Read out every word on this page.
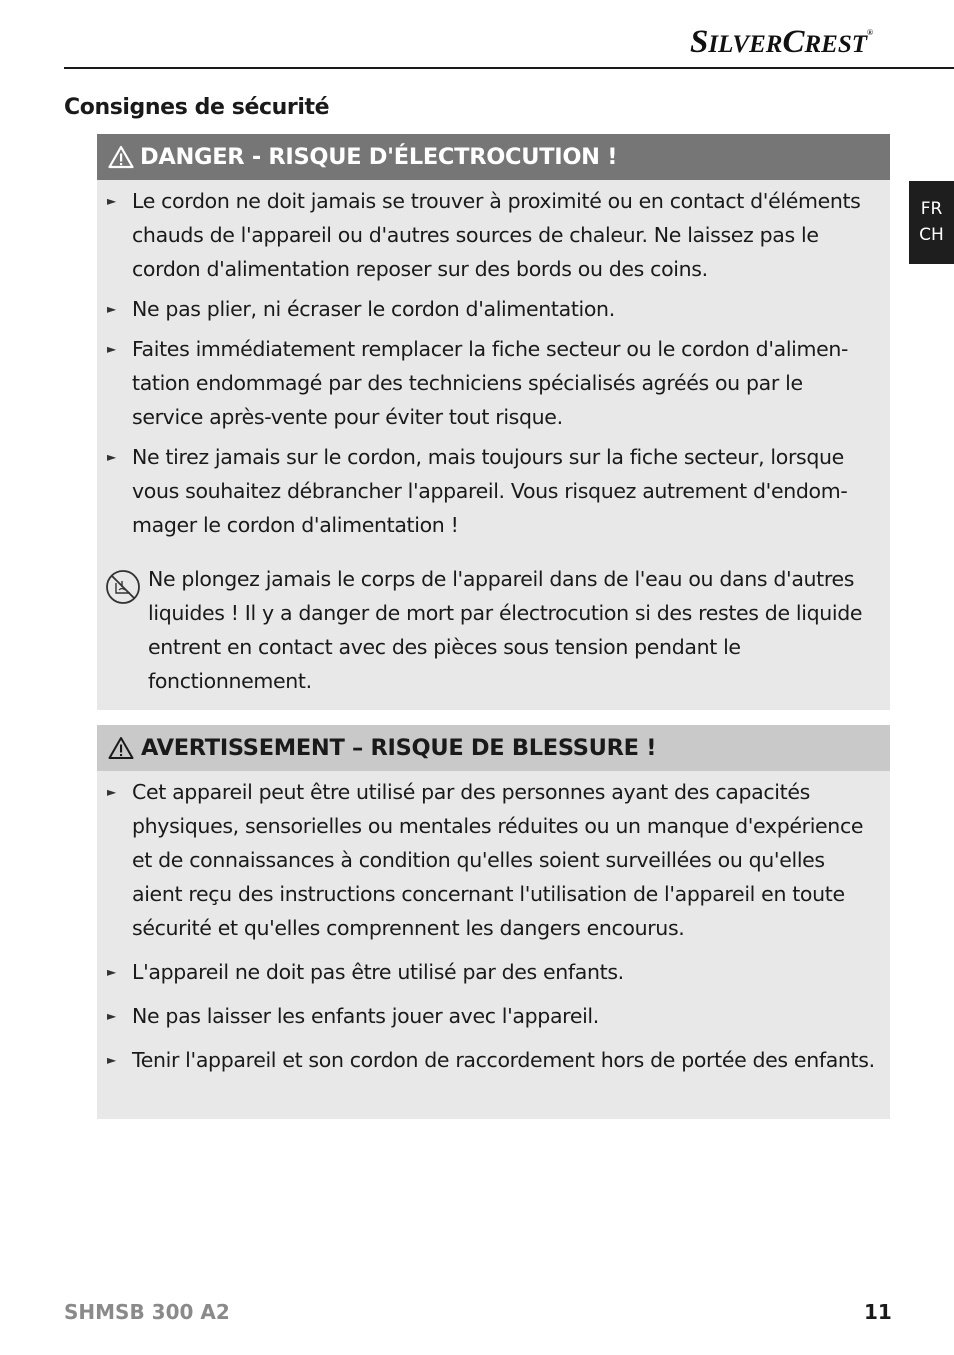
SILVERCREST®
FR
CH
Consignes de sécurité
DANGER - RISQUE D'ÉLECTROCUTION !
► Le cordon ne doit jamais se trouver à proximité ou en contact d'éléments chauds de l'appareil ou d'autres sources de chaleur. Ne laissez pas le cordon d'alimentation reposer sur des bords ou des coins.
► Ne pas plier, ni écraser le cordon d'alimentation.
► Faites immédiatement remplacer la fiche secteur ou le cordon d'alimen-tation endommagé par des techniciens spécialisés agréés ou par le service après-vente pour éviter tout risque.
► Ne tirez jamais sur le cordon, mais toujours sur la fiche secteur, lorsque vous souhaitez débrancher l'appareil. Vous risquez autrement d'endom-mager le cordon d'alimentation !
Ne plongez jamais le corps de l'appareil dans de l'eau ou dans d'autres liquides ! Il y a danger de mort par électrocution si des restes de liquide entrent en contact avec des pièces sous tension pendant le fonctionnement.
AVERTISSEMENT – RISQUE DE BLESSURE !
► Cet appareil peut être utilisé par des personnes ayant des capacités physiques, sensorielles ou mentales réduites ou un manque d'expérience et de connaissances à condition qu'elles soient surveillées ou qu'elles aient reçu des instructions concernant l'utilisation de l'appareil en toute sécurité et qu'elles comprennent les dangers encourus.
► L'appareil ne doit pas être utilisé par des enfants.
► Ne pas laisser les enfants jouer avec l'appareil.
► Tenir l'appareil et son cordon de raccordement hors de portée des enfants.
SHMSB 300 A2	11
